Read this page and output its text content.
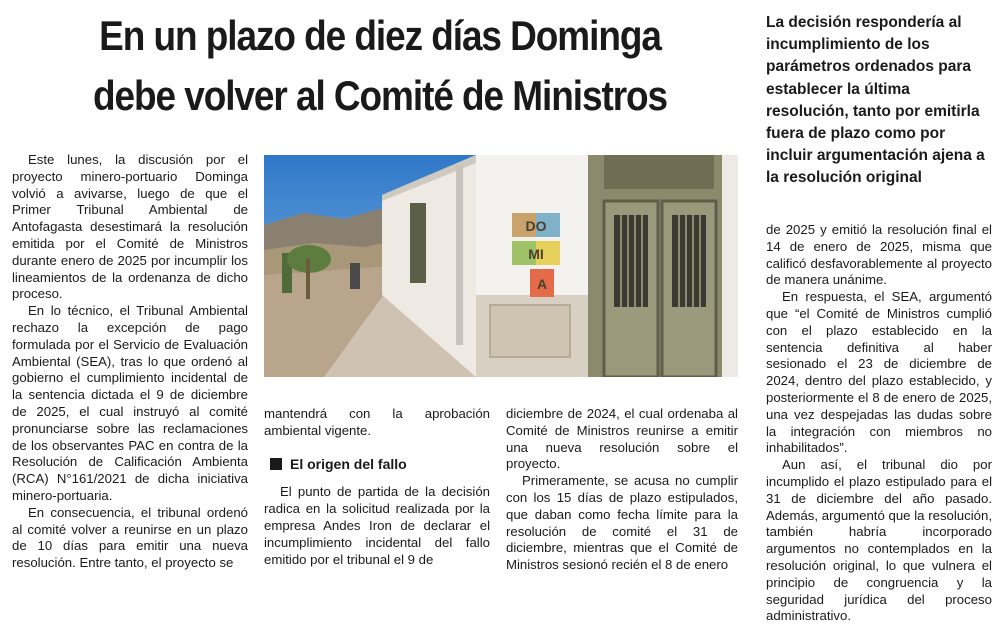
En un plazo de diez días Dominga debe volver al Comité de Ministros

La decisión respondería al incumplimiento de los parámetros ordenados para establecer la última resolución, tanto por emitirla fuera de plazo como por incluir argumentación ajena a la resolución original

Este lunes, la discusión por el proyecto minero-portuario Dominga volvió a avivarse, luego de que el Primer Tribunal Ambiental de Antofagasta desestimará la resolución emitida por el Comité de Ministros durante enero de 2025 por incumplir los lineamientos de la ordenanza de dicho proceso.

En lo técnico, el Tribunal Ambiental rechazo la excepción de pago formulada por el Servicio de Evaluación Ambiental (SEA), tras lo que ordenó al gobierno el cumplimiento incidental de la sentencia dictada el 9 de diciembre de 2025, el cual instruyó al comité pronunciarse sobre las reclamaciones de los observantes PAC en contra de la Resolución de Calificación Ambienta (RCA) N°161/2021 de dicha iniciativa minero-portuaria.

En consecuencia, el tribunal ordenó al comité volver a reunirse en un plazo de 10 días para emitir una nueva resolución. Entre tanto, el proyecto se

DO
MI
A

mantendrá con la aprobación ambiental vigente.

El origen del fallo

El punto de partida de la decisión radica en la solicitud realizada por la empresa Andes Iron de declarar el incumplimiento incidental del fallo emitido por el tribunal el 9 de

diciembre de 2024, el cual ordenaba al Comité de Ministros reunirse a emitir una nueva resolución sobre el proyecto.

Primeramente, se acusa no cumplir con los 15 días de plazo estipulados, que daban como fecha límite para la resolución de comité el 31 de diciembre, mientras que el Comité de Ministros sesionó recién el 8 de enero

de 2025 y emitió la resolución final el 14 de enero de 2025, misma que calificó desfavorablemente al proyecto de manera unánime.

En respuesta, el SEA, argumentó que “el Comité de Ministros cumplió con el plazo establecido en la sentencia definitiva al haber sesionado el 23 de diciembre de 2024, dentro del plazo establecido, y posteriormente el 8 de enero de 2025, una vez despejadas las dudas sobre la integración con miembros no inhabilitados”.

Aun así, el tribunal dio por incumplido el plazo estipulado para el 31 de diciembre del año pasado. Además, argumentó que la resolución, también habría incorporado argumentos no contemplados en la resolución original, lo que vulnera el principio de congruencia y la seguridad jurídica del proceso administrativo.
